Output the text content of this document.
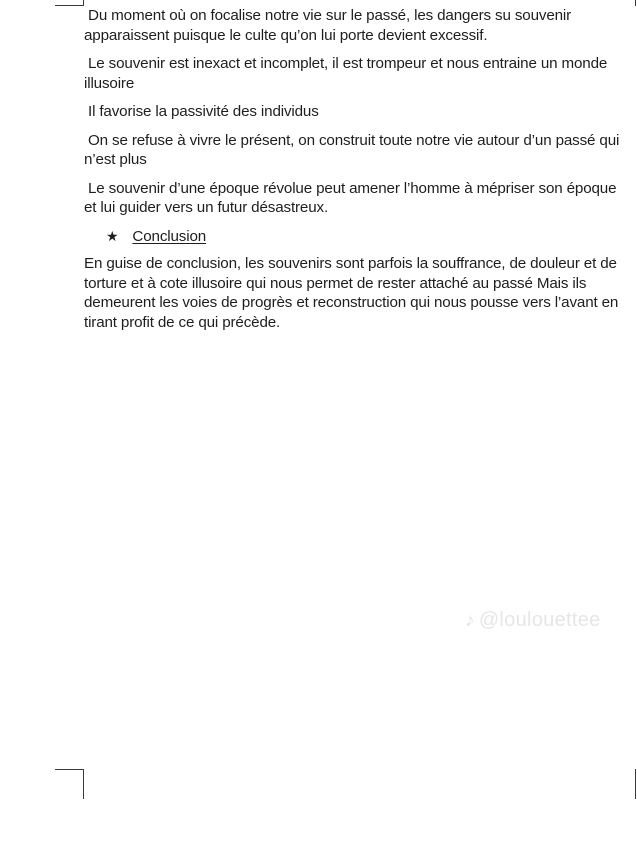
Du moment où on focalise notre vie sur le passé, les dangers su souvenir apparaissent puisque le culte qu’on lui porte devient excessif.

Le souvenir est inexact et incomplet, il est trompeur et nous entraine un monde illusoire

Il favorise la passivité des individus

On se refuse à vivre le présent, on construit toute notre vie autour d’un passé qui n’est plus

Le souvenir d’une époque révolue peut amener l’homme à mépriser son époque et lui guider vers un futur désastreux.

★ Conclusion

En guise de conclusion, les souvenirs sont parfois la souffrance, de douleur et de torture et à cote illusoire qui nous permet de rester attaché au passé Mais ils demeurent les voies de progrès et reconstruction qui nous pousse vers l’avant en tirant profit de ce qui précède.

♪ @loulouettee
